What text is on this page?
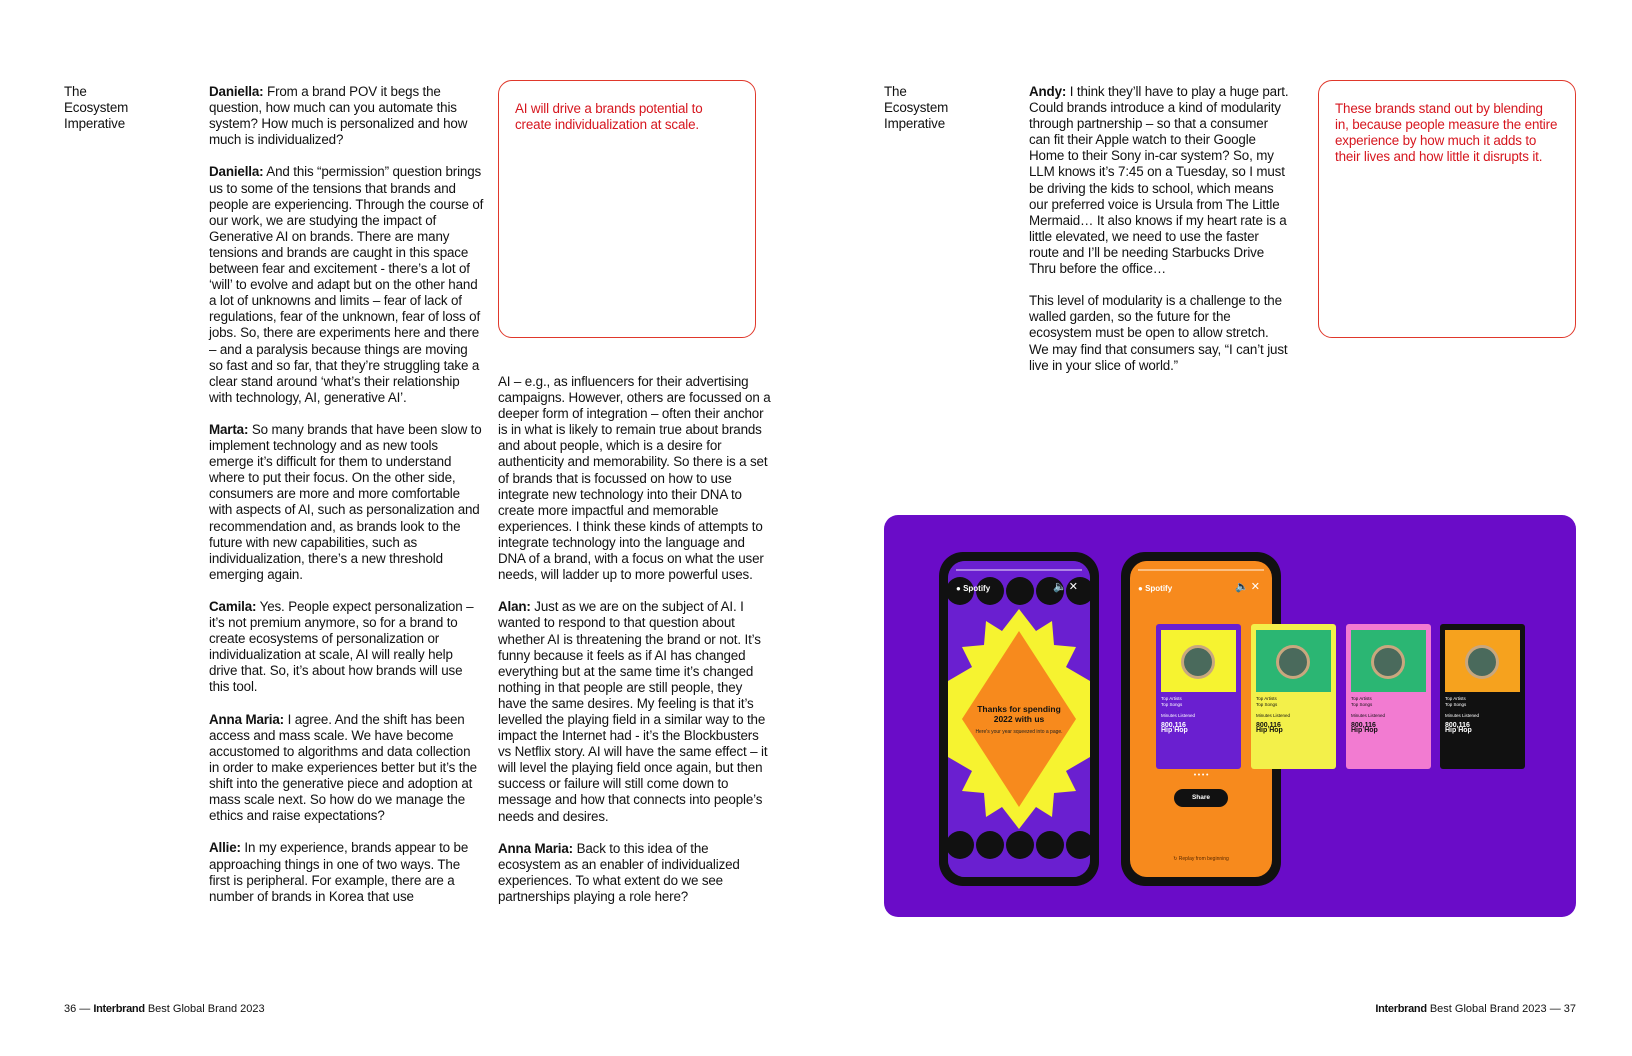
The
Ecosystem
Imperative

Daniella: From a brand POV it begs the question, how much can you automate this system? How much is personalized and how much is individualized?

Daniella: And this “permission” question brings us to some of the tensions that brands and people are experiencing. Through the course of our work, we are studying the impact of Generative AI on brands. There are many tensions and brands are caught in this space between fear and excitement - there’s a lot of ‘will’ to evolve and adapt but on the other hand a lot of unknowns and limits – fear of lack of regulations, fear of the unknown, fear of loss of jobs. So, there are experiments here and there – and a paralysis because things are moving so fast and so far, that they’re struggling take a clear stand around ‘what’s their relationship with technology, AI, generative AI’.

Marta: So many brands that have been slow to implement technology and as new tools emerge it’s difficult for them to understand where to put their focus. On the other side, consumers are more and more comfortable with aspects of AI, such as personalization and recommendation and, as brands look to the future with new capabilities, such as individualization, there’s a new threshold emerging again.

Camila: Yes. People expect personalization – it’s not premium anymore, so for a brand to create ecosystems of personalization or individualization at scale, AI will really help drive that. So, it’s about how brands will use this tool.

Anna Maria: I agree. And the shift has been access and mass scale. We have become accustomed to algorithms and data collection in order to make experiences better but it’s the shift into the generative piece and adoption at mass scale next. So how do we manage the ethics and raise expectations?

Allie: In my experience, brands appear to be approaching things in one of two ways. The first is peripheral. For example, there are a number of brands in Korea that use

AI will drive a brands potential to create individualization at scale.

AI – e.g., as influencers for their advertising campaigns. However, others are focussed on a deeper form of integration – often their anchor is in what is likely to remain true about brands and about people, which is a desire for authenticity and memorability. So there is a set of brands that is focussed on how to use integrate new technology into their DNA to create more impactful and memorable experiences. I think these kinds of attempts to integrate technology into the language and DNA of a brand, with a focus on what the user needs, will ladder up to more powerful uses.

Alan: Just as we are on the subject of AI. I wanted to respond to that question about whether AI is threatening the brand or not. It’s funny because it feels as if AI has changed everything but at the same time it’s changed nothing in that people are still people, they have the same desires. My feeling is that it’s levelled the playing field in a similar way to the impact the Internet had - it’s the Blockbusters vs Netflix story. AI will have the same effect – it will level the playing field once again, but then success or failure will still come down to message and how that connects into people’s needs and desires.

Anna Maria: Back to this idea of the ecosystem as an enabler of individualized experiences. To what extent do we see partnerships playing a role here?

36 — Interbrand Best Global Brand 2023
The
Ecosystem
Imperative

Andy: I think they’ll have to play a huge part. Could brands introduce a kind of modularity through partnership – so that a consumer can fit their Apple watch to their Google Home to their Sony in-car system? So, my LLM knows it’s 7:45 on a Tuesday, so I must be driving the kids to school, which means our preferred voice is Ursula from The Little Mermaid… It also knows if my heart rate is a little elevated, we need to use the faster route and I’ll be needing Starbucks Drive Thru before the office…

This level of modularity is a challenge to the walled garden, so the future for the ecosystem must be open to allow stretch. We may find that consumers say, “I can’t just live in your slice of world.”

These brands stand out by blending in, because people measure the entire experience by how much it adds to their lives and how little it disrupts it.
● Spotify	🔈✕
Thanks for spending 2022 with us
Here's your year squeezed into a page.
● Spotify	🔈✕
• • • •
Share
↻ Replay from beginning
Top Artists
Top Songs
Minutes Listened
800,116
Hip Hop
Top Artists
Top Songs
Minutes Listened
800,116
Hip Hop
Top Artists
Top Songs
Minutes Listened
800,116
Hip Hop
Top Artists
Top Songs
Minutes Listened
800,116
Hip Hop
Interbrand Best Global Brand 2023 — 37
